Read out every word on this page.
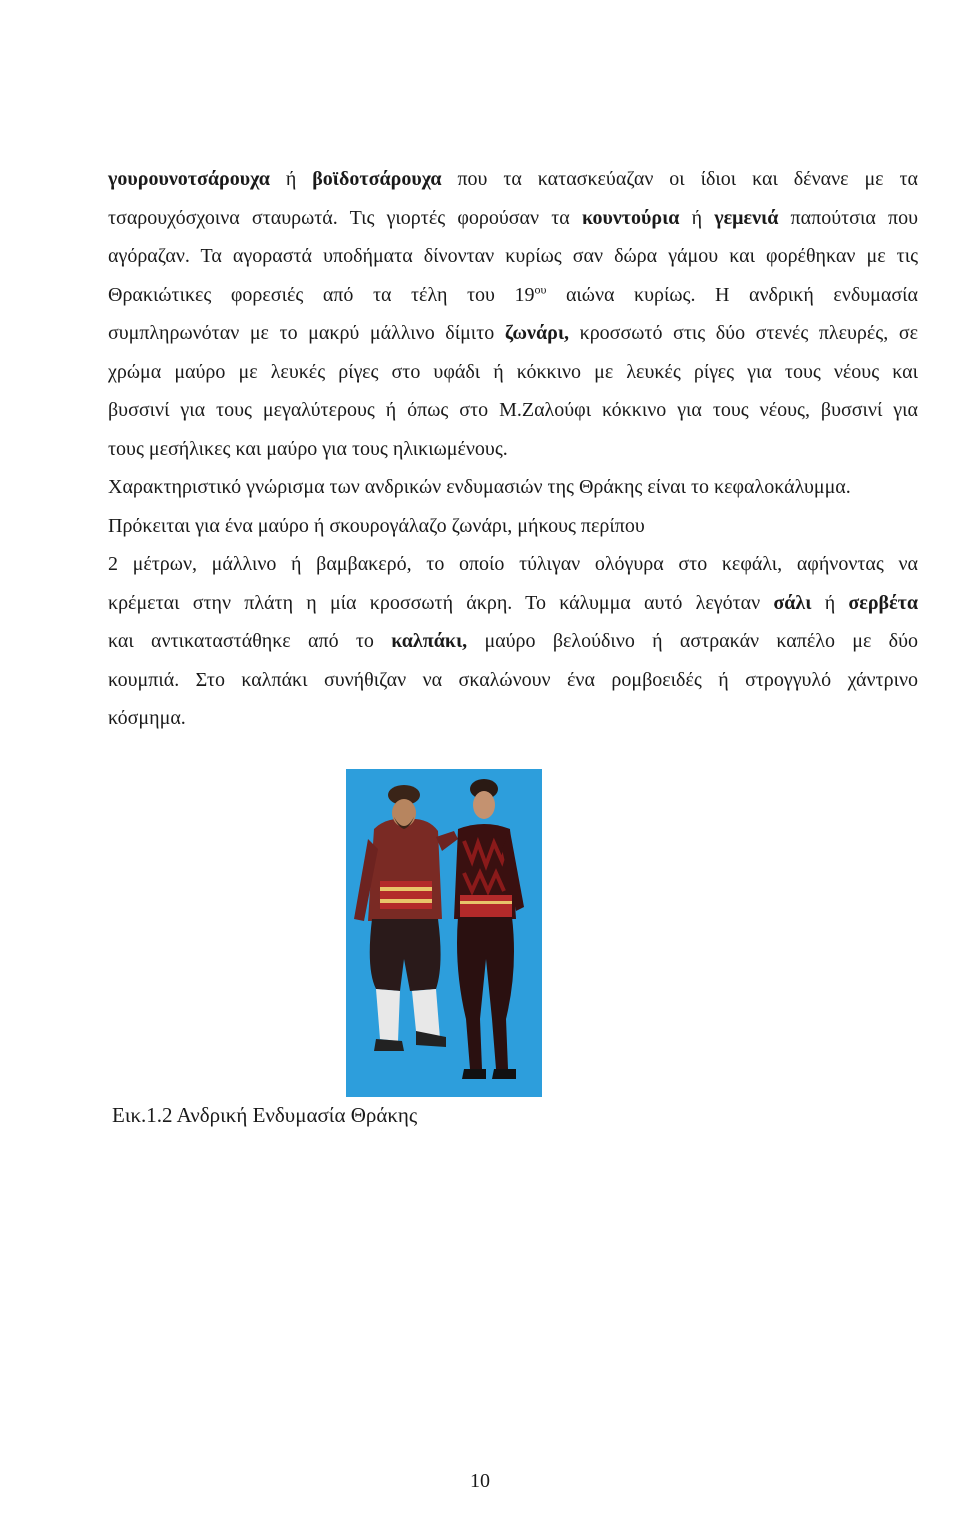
γουρουνοτσάρουχα ή βοϊδοτσάρουχα που τα κατασκεύαζαν οι ίδιοι και δένανε με τα
τσαρουχόσχοινα σταυρωτά. Τις γιορτές φορούσαν τα κουντούρια ή γεμενιά παπούτσια που
αγόραζαν. Τα αγοραστά υποδήματα δίνονταν κυρίως σαν δώρα γάμου και φορέθηκαν με τις
Θρακιώτικες φορεσιές από τα τέλη του $19^{o\upsilon}$ αιώνα κυρίως. Η ανδρική ενδυμασία
συμπληρωνόταν με το μακρύ μάλλινο δίμιτο ζωνάρι, κροσσωτό στις δύο στενές πλευρές, σε
χρώμα μαύρο με λευκές ρίγες στο υφάδι ή κόκκινο με λευκές ρίγες για τους νέους και
βυσσινί για τους μεγαλύτερους ή όπως στο Μ.Ζαλούφι κόκκινο για τους νέους, βυσσινί για
τους μεσήλικες και μαύρο για τους ηλικιωμένους.
Χαρακτηριστικό γνώρισμα των ανδρικών ενδυμασιών της Θράκης είναι το κεφαλοκάλυμμα.
Πρόκειται για ένα μαύρο ή σκουρογάλαζο ζωνάρι, μήκους περίπου
2 μέτρων, μάλλινο ή βαμβακερό, το οποίο τύλιγαν ολόγυρα στο κεφάλι, αφήνοντας να
κρέμεται στην πλάτη η μία κροσσωτή άκρη. Το κάλυμμα αυτό λεγόταν σάλι ή σερβέτα
και αντικαταστάθηκε από το καλπάκι, μαύρο βελούδινο ή αστρακάν καπέλο με δύο
κουμπιά. Στο καλπάκι συνήθιζαν να σκαλώνουν ένα ρομβοειδές ή στρογγυλό χάντρινο
κόσμημα.
Εικ.1.2 Ανδρική Ενδυμασία Θράκης
10
